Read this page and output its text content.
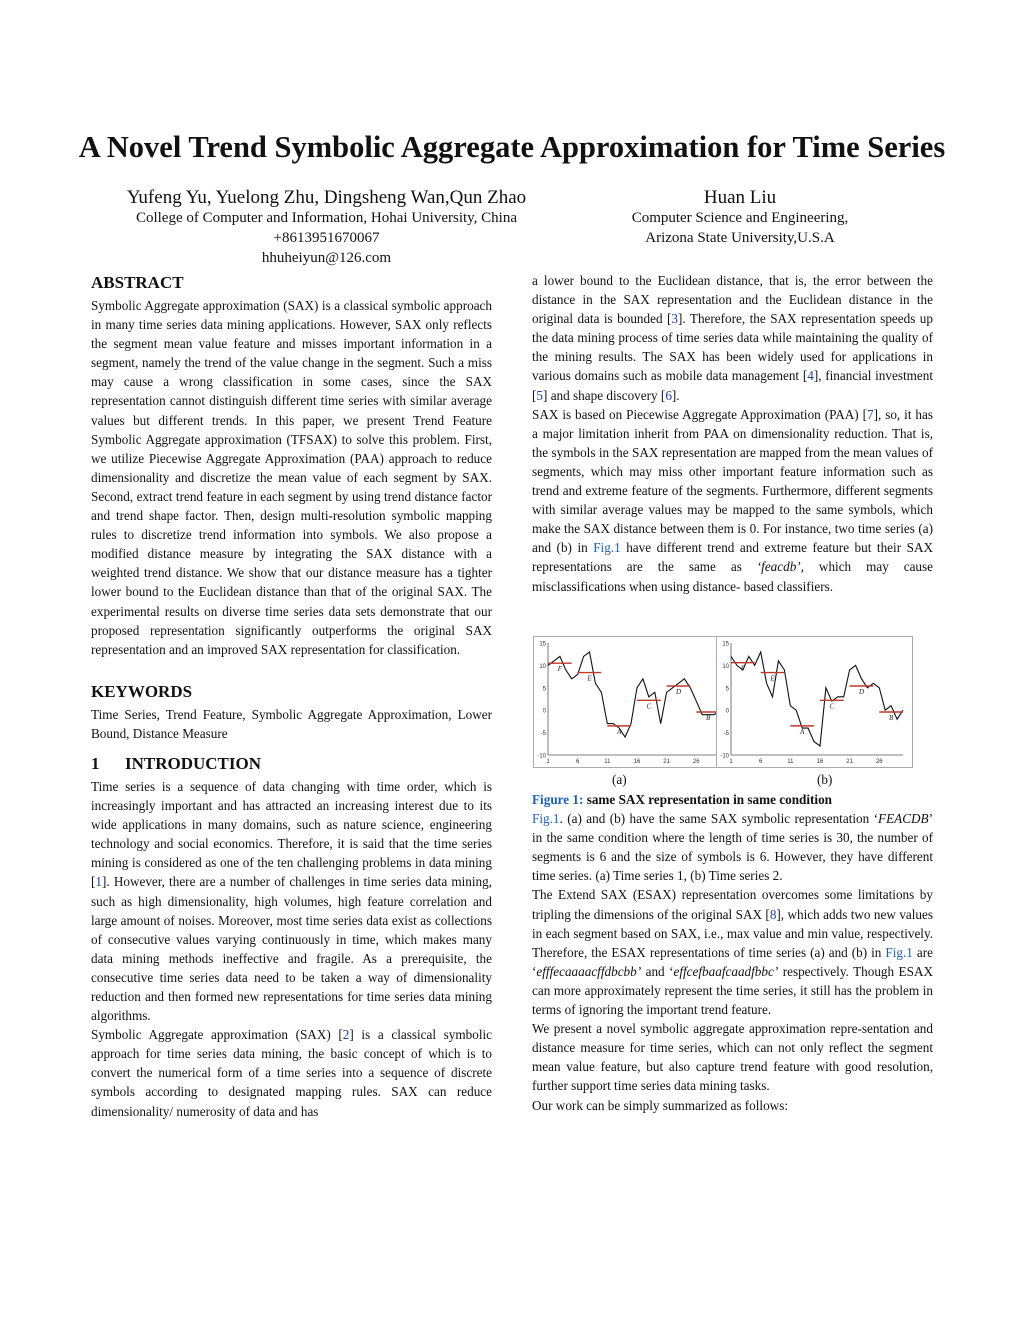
A Novel Trend Symbolic Aggregate Approximation for Time Series
Yufeng Yu, Yuelong Zhu, Dingsheng Wan,Qun Zhao
College of Computer and Information, Hohai University, China
+8613951670067
hhuheiyun@126.com
Huan Liu
Computer Science and Engineering,
Arizona State University,U.S.A
ABSTRACT

Symbolic Aggregate approximation (SAX) is a classical symbolic approach in many time series data mining applications. However, SAX only reflects the segment mean value feature and misses important information in a segment, namely the trend of the value change in the segment. Such a miss may cause a wrong classification in some cases, since the SAX representation cannot distinguish different time series with similar average values but different trends. In this paper, we present Trend Feature Symbolic Aggregate approximation (TFSAX) to solve this problem. First, we utilize Piecewise Aggregate Approximation (PAA) approach to reduce dimensionality and discretize the mean value of each segment by SAX. Second, extract trend feature in each segment by using trend distance factor and trend shape factor. Then, design multi-resolution symbolic mapping rules to discretize trend information into symbols. We also propose a modified distance measure by integrating the SAX distance with a weighted trend distance. We show that our distance measure has a tighter lower bound to the Euclidean distance than that of the original SAX. The experimental results on diverse time series data sets demonstrate that our proposed representation significantly outperforms the original SAX representation and an improved SAX representation for classification.

KEYWORDS

Time Series, Trend Feature, Symbolic Aggregate Approximation, Lower Bound, Distance Measure

1      INTRODUCTION

Time series is a sequence of data changing with time order, which is increasingly important and has attracted an increasing interest due to its wide applications in many domains, such as nature science, engineering technology and social economics. Therefore, it is said that the time series mining is considered as one of the ten challenging problems in data mining [1]. However, there are a number of challenges in time series data mining, such as high dimensionality, high volumes, high feature correlation and large amount of noises. Moreover, most time series data exist as collections of consecutive values varying continuously in time, which makes many data mining methods ineffective and fragile. As a prerequisite, the consecutive time series data need to be taken a way of dimensionality reduction and then formed new representations for time series data mining algorithms.

Symbolic Aggregate approximation (SAX) [2] is a classical symbolic approach for time series data mining, the basic concept of which is to convert the numerical form of a time series into a sequence of discrete symbols according to designated mapping rules. SAX can reduce dimensionality/ numerosity of data and has

a lower bound to the Euclidean distance, that is, the error between the distance in the SAX representation and the Euclidean distance in the original data is bounded [3]. Therefore, the SAX representation speeds up the data mining process of time series data while maintaining the quality of the mining results. The SAX has been widely used for applications in various domains such as mobile data management [4], financial investment [5] and shape discovery [6].

SAX is based on Piecewise Aggregate Approximation (PAA) [7], so, it has a major limitation inherit from PAA on dimensionality reduction. That is, the symbols in the SAX representation are mapped from the mean values of segments, which may miss other important feature information such as trend and extreme feature of the segments. Furthermore, different segments with similar average values may be mapped to the same symbols, which make the SAX distance between them is 0. For instance, two time series (a) and (b) in Fig.1 have different trend and extreme feature but their SAX representations are the same as ‘feacdb’, which may cause misclassifications when using distance- based classifiers.

15
10
5
0
-5
-10
1	6	11	16	21	26
F
E
A
C
D
B
15
10
5
0
-5
-10
1	6	11	16	21	26
F
E
A
C
D
B
(a)	(b)

Figure 1: same SAX representation in same condition

Fig.1. (a) and (b) have the same SAX symbolic representation ‘FEACDB’ in the same condition where the length of time series is 30, the number of segments is 6 and the size of symbols is 6. However, they have different time series. (a) Time series 1, (b) Time series 2.

The Extend SAX (ESAX) representation overcomes some limitations by tripling the dimensions of the original SAX [8], which adds two new values in each segment based on SAX, i.e., max value and min value, respectively. Therefore, the ESAX representations of time series (a) and (b) in Fig.1 are ‘efffecaaaacffdbcbb’ and ‘effcefbaafcaadfbbc’ respectively. Though ESAX can more approximately represent the time series, it still has the problem in terms of ignoring the important trend feature.

We present a novel symbolic aggregate approximation repre-sentation and distance measure for time series, which can not only reflect the segment mean value feature, but also capture trend feature with good resolution, further support time series data mining tasks.

Our work can be simply summarized as follows:
